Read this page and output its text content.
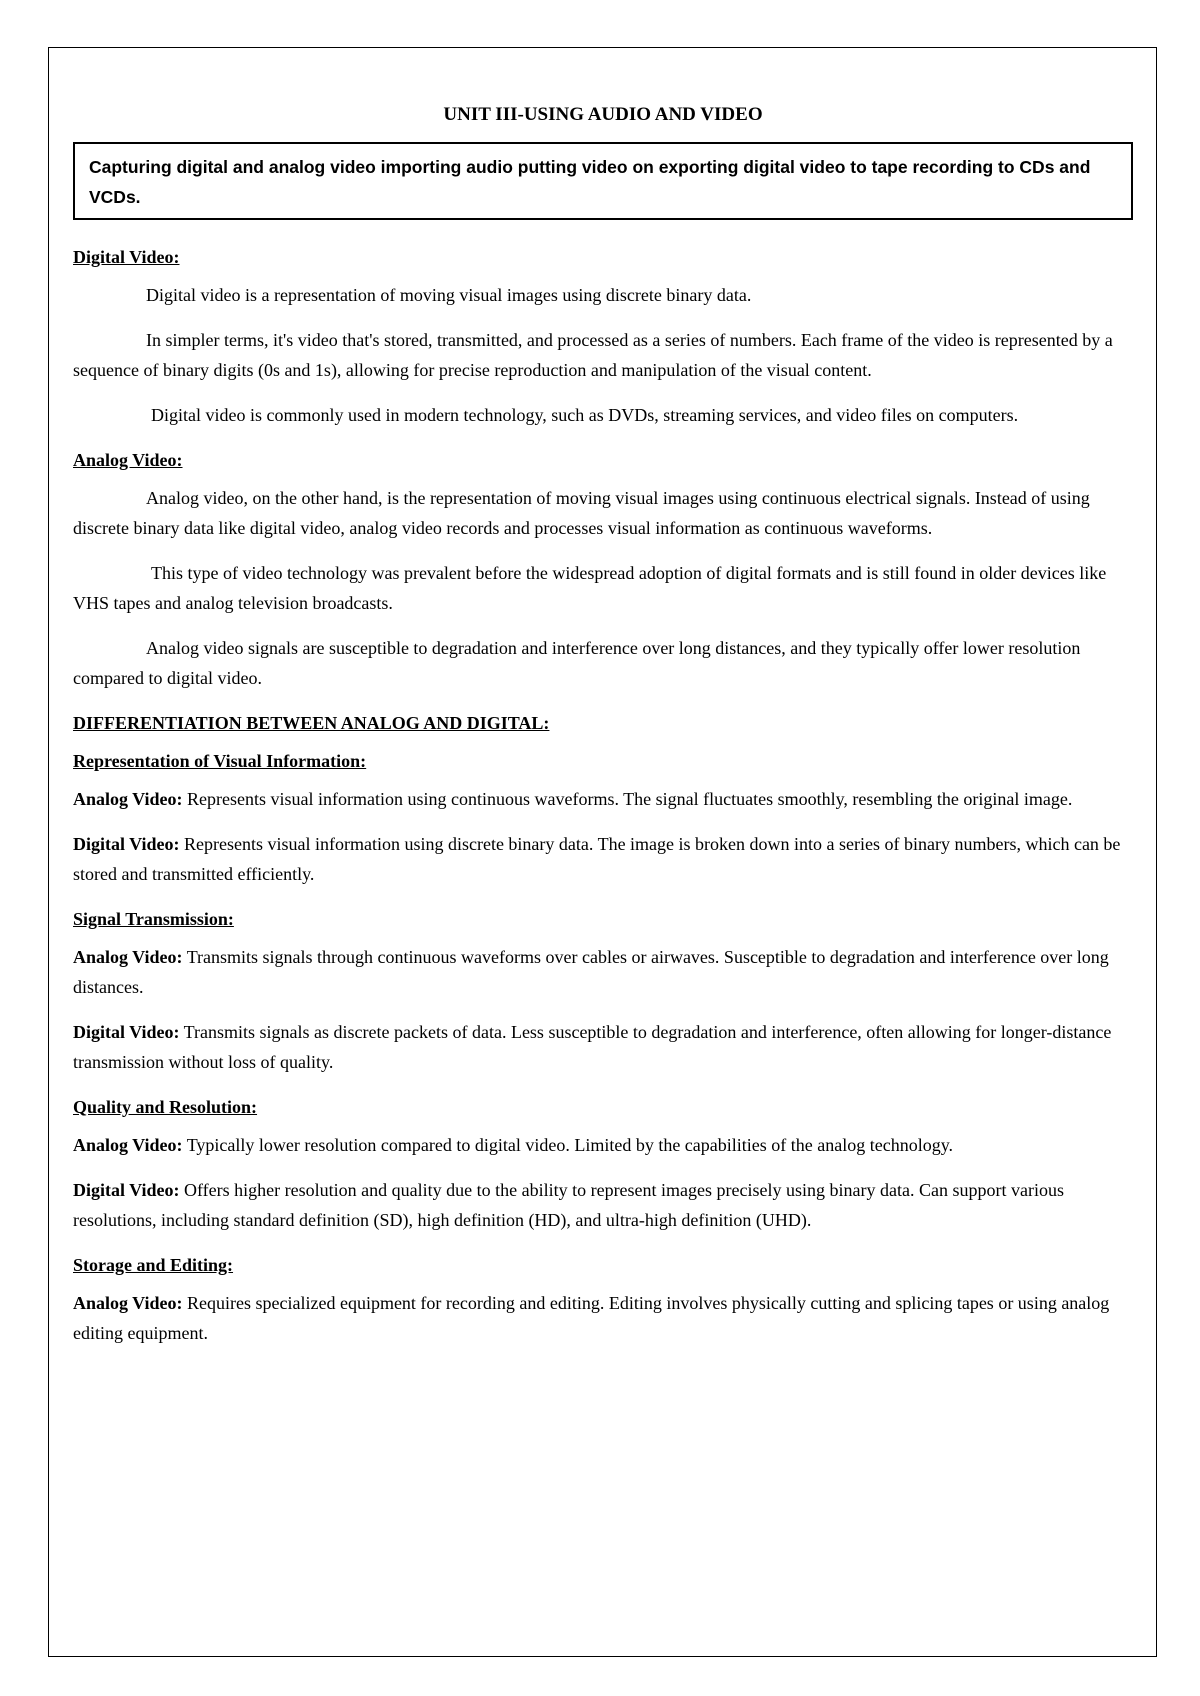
UNIT III-USING AUDIO AND VIDEO
Capturing digital and analog video importing audio putting video on exporting digital video to tape recording to CDs and VCDs.
Digital Video:
Digital video is a representation of moving visual images using discrete binary data.
In simpler terms, it's video that's stored, transmitted, and processed as a series of numbers. Each frame of the video is represented by a sequence of binary digits (0s and 1s), allowing for precise reproduction and manipulation of the visual content.
Digital video is commonly used in modern technology, such as DVDs, streaming services, and video files on computers.
Analog Video:
Analog video, on the other hand, is the representation of moving visual images using continuous electrical signals. Instead of using discrete binary data like digital video, analog video records and processes visual information as continuous waveforms.
This type of video technology was prevalent before the widespread adoption of digital formats and is still found in older devices like VHS tapes and analog television broadcasts.
Analog video signals are susceptible to degradation and interference over long distances, and they typically offer lower resolution compared to digital video.
DIFFERENTIATION BETWEEN ANALOG AND DIGITAL:
Representation of Visual Information:
Analog Video: Represents visual information using continuous waveforms. The signal fluctuates smoothly, resembling the original image.
Digital Video: Represents visual information using discrete binary data. The image is broken down into a series of binary numbers, which can be stored and transmitted efficiently.
Signal Transmission:
Analog Video: Transmits signals through continuous waveforms over cables or airwaves. Susceptible to degradation and interference over long distances.
Digital Video: Transmits signals as discrete packets of data. Less susceptible to degradation and interference, often allowing for longer-distance transmission without loss of quality.
Quality and Resolution:
Analog Video: Typically lower resolution compared to digital video. Limited by the capabilities of the analog technology.
Digital Video: Offers higher resolution and quality due to the ability to represent images precisely using binary data. Can support various resolutions, including standard definition (SD), high definition (HD), and ultra-high definition (UHD).
Storage and Editing:
Analog Video: Requires specialized equipment for recording and editing. Editing involves physically cutting and splicing tapes or using analog editing equipment.
